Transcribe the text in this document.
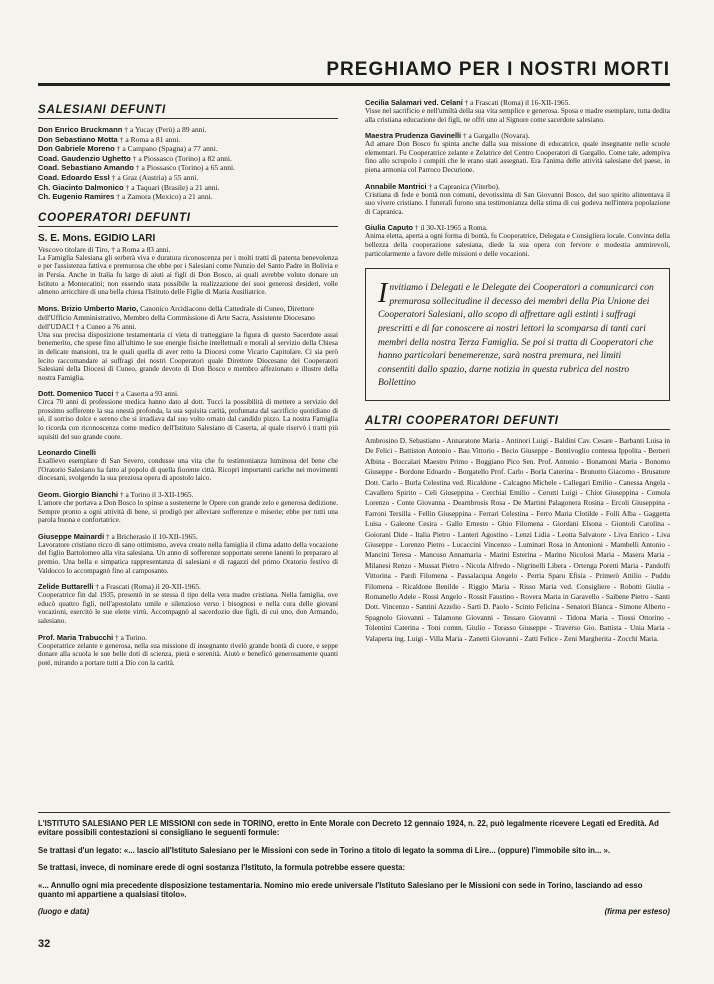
PREGHIAMO PER I NOSTRI MORTI
SALESIANI DEFUNTI

Don Enrico Bruckmann † a Yucay (Perù) a 89 anni.

Don Sebastiano Motta † a Roma a 81 anni.

Don Gabriele Moreno † a Campano (Spagna) a 77 anni.

Coad. Gaudenzio Ughetto † a Piossasco (Torino) a 82 anni.

Coad. Sebastiano Amando † a Piossasco (Torino) a 65 anni.

Coad. Edoardo Essl † a Graz (Austria) a 55 anni.

Ch. Giacinto Dalmonico † a Taquari (Brasile) a 21 anni.

Ch. Eugenio Ramires † a Zamora (Mexico) a 21 anni.

COOPERATORI DEFUNTI
S. E. Mons. EGIDIO LARI
Vescovo titolare di Tiro, † a Roma a 83 anni.

La Famiglia Salesiana gli serberà viva e duratura riconoscenza per i molti tratti di paterna benevolenza e per l'assistenza fattiva e premurosa che ebbe per i Salesiani come Nunzio del Santo Padre in Bolivia e in Persia. Anche in Italia fu largo di aiuti ai figli di Don Bosco, ai quali avrebbe voluto donare un Istituto a Montecatini; non essendo stata possibile la realizzazione dei suoi generosi desideri, volle almeno arricchire di una bella chiesa l'Istituto delle Figlie di Maria Ausiliatrice.

Mons. Brizio Umberto Mario, Canonico Arcidiacono della Cattedrale di Cuneo, Direttore dell'Ufficio Amministrativo, Membro della Commissione di Arte Sacra, Assistente Diocesano dell'UDACI † a Cuneo a 76 anni.

Una sua precisa disposizione testamentaria ci vieta di tratteggiare la figura di questo Sacerdote assai benemerito, che spese fino all'ultimo le sue energie fisiche intellettuali e morali al servizio della Chiesa in delicate mansioni, tra le quali quella di aver retto la Diocesi come Vicario Capitolare. Ci sia però lecito raccomandare ai suffragi dei nostri Cooperatori quale Direttore Diocesano dei Cooperatori Salesiani della Diocesi di Cuneo, grande devoto di Don Bosco e membro affezionato e illustre della nostra Famiglia.

Dott. Domenico Tucci † a Caserta a 93 anni.

Circa 70 anni di professione medica hanno dato al dott. Tucci la possibilità di mettere a servizio del prossimo sofferente la sua onestà profonda, la sua squisita carità, profumata dal sacrificio quotidiano di sé, il sorriso dolce e sereno che si irradiava dal suo volto ornato dal candido pizzo. La nostra Famiglia lo ricorda con riconoscenza come medico dell'Istituto Salesiano di Caserta, al quale riservò i tratti più squisiti del suo grande cuore.

Leonardo Cinelli

Exallievo esemplare di San Severo, condusse una vita che fu testimonianza luminosa del bene che l'Oratorio Salesiano ha fatto al popolo di quella fiorente città. Ricoprì importanti cariche nei movimenti diocesani, svolgendo la sua preziosa opera di apostolo laico.

Geom. Giorgio Bianchi † a Torino il 3-XII-1965.

L'amore che portava a Don Bosco lo spinse a sostenerne le Opere con grande zelo e generosa dedizione. Sempre pronto a ogni attività di bene, si prodigò per alleviare sofferenze e miserie; ebbe per tutti una parola buona e confortatrice.

Giuseppe Mainardi † a Bricherasio il 10-XII-1965.

Lavoratore cristiano ricco di sano ottimismo, aveva creato nella famiglia il clima adatto della vocazione del figlio Bartolomeo alla vita salesiana. Un anno di sofferenze sopportate serene lanenti lo prepararo al premio. Una bella e simpatica rappresentanza di salesiani e di ragazzi del primo Oratorio festivo di Valdocco lo accompagnò fino al camposanto.

Zelide Buttarelli † a Frascati (Roma) il 20-XII-1965.

Cooperatrice fin dal 1935, presentò in se stessa il tipo della vera madre cristiana. Nella famiglia, ove educò quattro figli, nell'apostolato umile e silenzioso verso i bisognosi e nella cura delle giovani vocazioni, esercitò le sue elette virtù. Accompagnò al sacerdozio due figli, di cui uno, don Armando, salesiano.

Prof. Maria Trabucchi † a Torino.

Cooperatrice zelante e generosa, nella sua missione di insegnante rivelò grande bontà di cuore, e seppe donare alla scuola le sue belle doti di scienza, pietà e serenità. Aiutò e beneficò generosamente quanti poté, mirando a portare tutti a Dio con la carità.

Cecilia Salamari ved. Celani † a Frascati (Roma) il 16-XII-1965.

Visse nel sacrificio e nell'umiltà della sua vita semplice e generosa. Sposa e madre esemplare, tutta dedita alla cristiana educazione dei figli, ne offrì uno al Signore come sacerdote salesiano.

Maestra Prudenza Gavinelli † a Gargallo (Novara).

Ad amare Don Bosco fu spinta anche dalla sua missione di educatrice, quale insegnante nelle scuole elementari. Fu Cooperatrice zelante e Zelatrice del Centro Cooperatori di Gargallo. Come tale, adempiva fino allo scrupolo i compiti che le erano stati assegnati. Era l'anima delle attività salesiane del paese, in piena armonia col Parroco Decurione.

Annabile Mantrici † a Capranica (Viterbo).

Cristiana di fede e bontà non comuni, devotissima di San Giovanni Bosco, del suo spirito alimentava il suo vivere cristiano. I funerali furono una testimonianza della stima di cui godeva nell'intera popolazione di Capranica.

Giulia Caputo † il 30-XI-1965 a Roma.

Anima eletta, aperta a ogni forma di bontà, fu Cooperatrice, Delegata e Consigliera locale. Convinta della bellezza della cooperazione salesiana, diede la sua opera con fervore e modestia ammirevoli, particolarmente a favore delle missioni e delle vocazioni.

Invitiamo i Delegati e le Delegate dei Cooperatori a comunicarci con premurosa sollecitudine il decesso dei membri della Pia Unione dei Cooperatori Salesiani, allo scopo di affrettare agli estinti i suffragi prescritti e di far conoscere ai nostri lettori la scomparsa di tanti cari membri della nostra Terza Famiglia. Se poi si tratta di Cooperatori che hanno particolari benemerenze, sarà nostra premura, nei limiti consentiti dallo spazio, darne notizia in questa rubrica del nostro Bollettino
ALTRI COOPERATORI DEFUNTI

Ambrosino D. Sebastiano - Annaratone Maria - Antinori Luigi - Baldini Cav. Cesare - Barbanti Luisa in De Felici - Battiston Antonio - Bau Vittorio - Becio Giuseppe - Bentivoglio contessa Ippolita - Berneri Albina - Boccalari Maestro Primo - Boggiano Pico Sen. Prof. Antonio - Bonamoni Maria - Bonomo Giuseppe - Bordone Edoardo - Borgatello Prof. Carlo - Borla Caterina - Brunotto Giacomo - Brusatore Dott. Carlo - Burla Celestina ved. Ricaldone - Calcagno Michele - Callegari Emilio - Canessa Angela - Cavallero Spirito - Celi Giuseppina - Cerchiai Emilio - Cerutti Luigi - Chiot Giuseppina - Comola Lorenzo - Conte Giovanna - Dearnbrosis Rosa - De Martini Palagonera Rosina - Ercoli Giuseppina - Farroni Tersilla - Fellin Giuseppina - Ferrari Celestina - Ferro Maria Clotilde - Folli Alba - Gaggetta Luisa - Galeone Cesira - Gallo Ernesto - Ghio Filomena - Giordani Elsona - Giontoli Carolina - Goiorani Dide - Italia Pietro - Lanteri Agostino - Lenzi Lidia - Leotta Salvatore - Liva Enrico - Liva Giuseppe - Lorenzo Pietro - Lucaccini Vincenzo - Luminari Rosa in Antonioni - Mambelli Antonio - Mancini Teresa - Mancuso Annamaria - Marini Esterina - Marino Nicolosi Maria - Masera Maria - Milanesi Renzo - Mussat Pietro - Nicola Alfredo - Nigrinelli Libera - Ortenga Poretti Maria - Pandolfi Vittorina - Pardi Filomena - Passalacqua Angelo - Perria Sparu Efisia - Primerò Attilio - Puddu Filomena - Ricaldone Benilde - Riggio Maria - Risso Maria ved. Consigliere - Robotti Giulia - Romanello Adele - Rossi Angelo - Rossit Faustino - Rovera Maria in Garavello - Saibene Pietro - Santi Dott. Vincenzo - Santini Azzelio - Sarti D. Paolo - Scinto Felicina - Senatori Bianca - Simone Alberto - Spagnolo Giovanni - Talamone Giovanni - Tessaro Giovanni - Tidona Maria - Tiossi Ottorino - Tolentini Caterina - Toni comm. Giulio - Torasso Giuseppe - Traverso Gio. Battista - Unia Maria - Valaperta ing. Luigi - Villa Maria - Zanetti Giovanni - Zatti Felice - Zeni Margherita - Zocchi Maria.

L'ISTITUTO SALESIANO PER LE MISSIONI con sede in TORINO, eretto in Ente Morale con Decreto 12 gennaio 1924, n. 22, può legalmente ricevere Legati ed Eredità. Ad evitare possibili contestazioni si consigliano le seguenti formule:

Se trattasi d'un legato: «... lascio all'Istituto Salesiano per le Missioni con sede in Torino a titolo di legato la somma di Lire... (oppure) l'immobile sito in... ».

Se trattasi, invece, di nominare erede di ogni sostanza l'Istituto, la formula potrebbe essere questa:

«... Annullo ogni mia precedente disposizione testamentaria. Nomino mio erede universale l'Istituto Salesiano per le Missioni con sede in Torino, lasciando ad esso quanto mi appartiene a qualsiasi titolo».

(luogo e data)	(firma per esteso)

32
